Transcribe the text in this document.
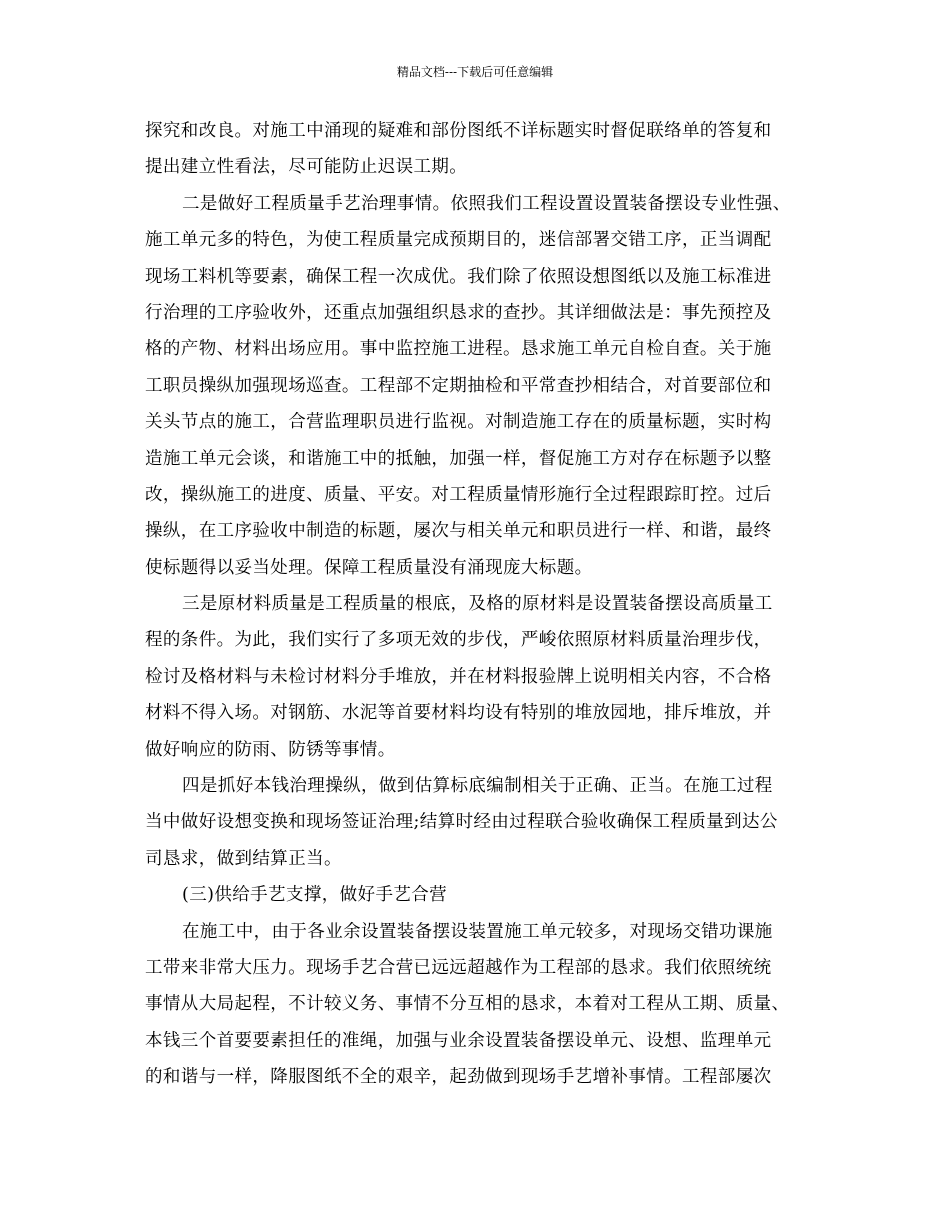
精品文档---下载后可任意编辑
探究和改良。对施工中涌现的疑难和部份图纸不详标题实时督促联络单的答复和
提出建立性看法，尽可能防止迟误工期。
二是做好工程质量手艺治理事情。依照我们工程设置设置装备摆设专业性强、
施工单元多的特色，为使工程质量完成预期目的，迷信部署交错工序，正当调配
现场工料机等要素，确保工程一次成优。我们除了依照设想图纸以及施工标准进
行治理的工序验收外，还重点加强组织恳求的查抄。其详细做法是：事先预控及
格的产物、材料出场应用。事中监控施工进程。恳求施工单元自检自查。关于施
工职员操纵加强现场巡查。工程部不定期抽检和平常查抄相结合，对首要部位和
关头节点的施工，合营监理职员进行监视。对制造施工存在的质量标题，实时构
造施工单元会谈，和谐施工中的抵触，加强一样，督促施工方对存在标题予以整
改，操纵施工的进度、质量、平安。对工程质量情形施行全过程跟踪盯控。过后
操纵，在工序验收中制造的标题，屡次与相关单元和职员进行一样、和谐，最终
使标题得以妥当处理。保障工程质量没有涌现庞大标题。
三是原材料质量是工程质量的根底，及格的原材料是设置装备摆设高质量工
程的条件。为此，我们实行了多项无效的步伐，严峻依照原材料质量治理步伐，
检讨及格材料与未检讨材料分手堆放，并在材料报验牌上说明相关内容，不合格
材料不得入场。对钢筋、水泥等首要材料均设有特别的堆放园地，排斥堆放，并
做好响应的防雨、防锈等事情。
四是抓好本钱治理操纵，做到估算标底编制相关于正确、正当。在施工过程
当中做好设想变换和现场签证治理;结算时经由过程联合验收确保工程质量到达公
司恳求，做到结算正当。
(三)供给手艺支撑，做好手艺合营
在施工中，由于各业余设置装备摆设装置施工单元较多，对现场交错功课施
工带来非常大压力。现场手艺合营已远远超越作为工程部的恳求。我们依照统统
事情从大局起程，不计较义务、事情不分互相的恳求，本着对工程从工期、质量、
本钱三个首要要素担任的准绳，加强与业余设置装备摆设单元、设想、监理单元
的和谐与一样，降服图纸不全的艰辛，起劲做到现场手艺增补事情。工程部屡次
